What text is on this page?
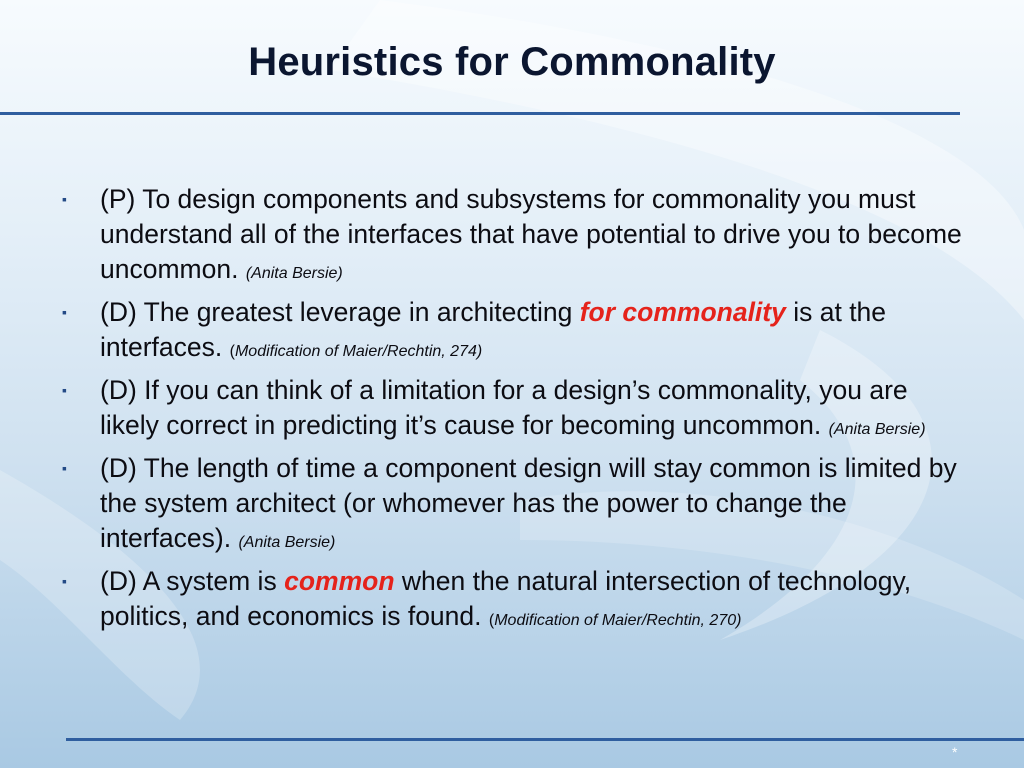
Heuristics for Commonality
▪ (P) To design components and subsystems for commonality you must understand all of the interfaces that have potential to drive you to become uncommon. (Anita Bersie)
▪ (D) The greatest leverage in architecting for commonality is at the interfaces. (Modification of Maier/Rechtin, 274)
▪ (D) If you can think of a limitation for a design’s commonality, you are likely correct in predicting it’s cause for becoming uncommon. (Anita Bersie)
▪ (D) The length of time a component design will stay common is limited by the system architect (or whomever has the power to change the interfaces). (Anita Bersie)
▪ (D) A system is common when the natural intersection of technology, politics, and economics is found. (Modification of Maier/Rechtin, 270)
*
